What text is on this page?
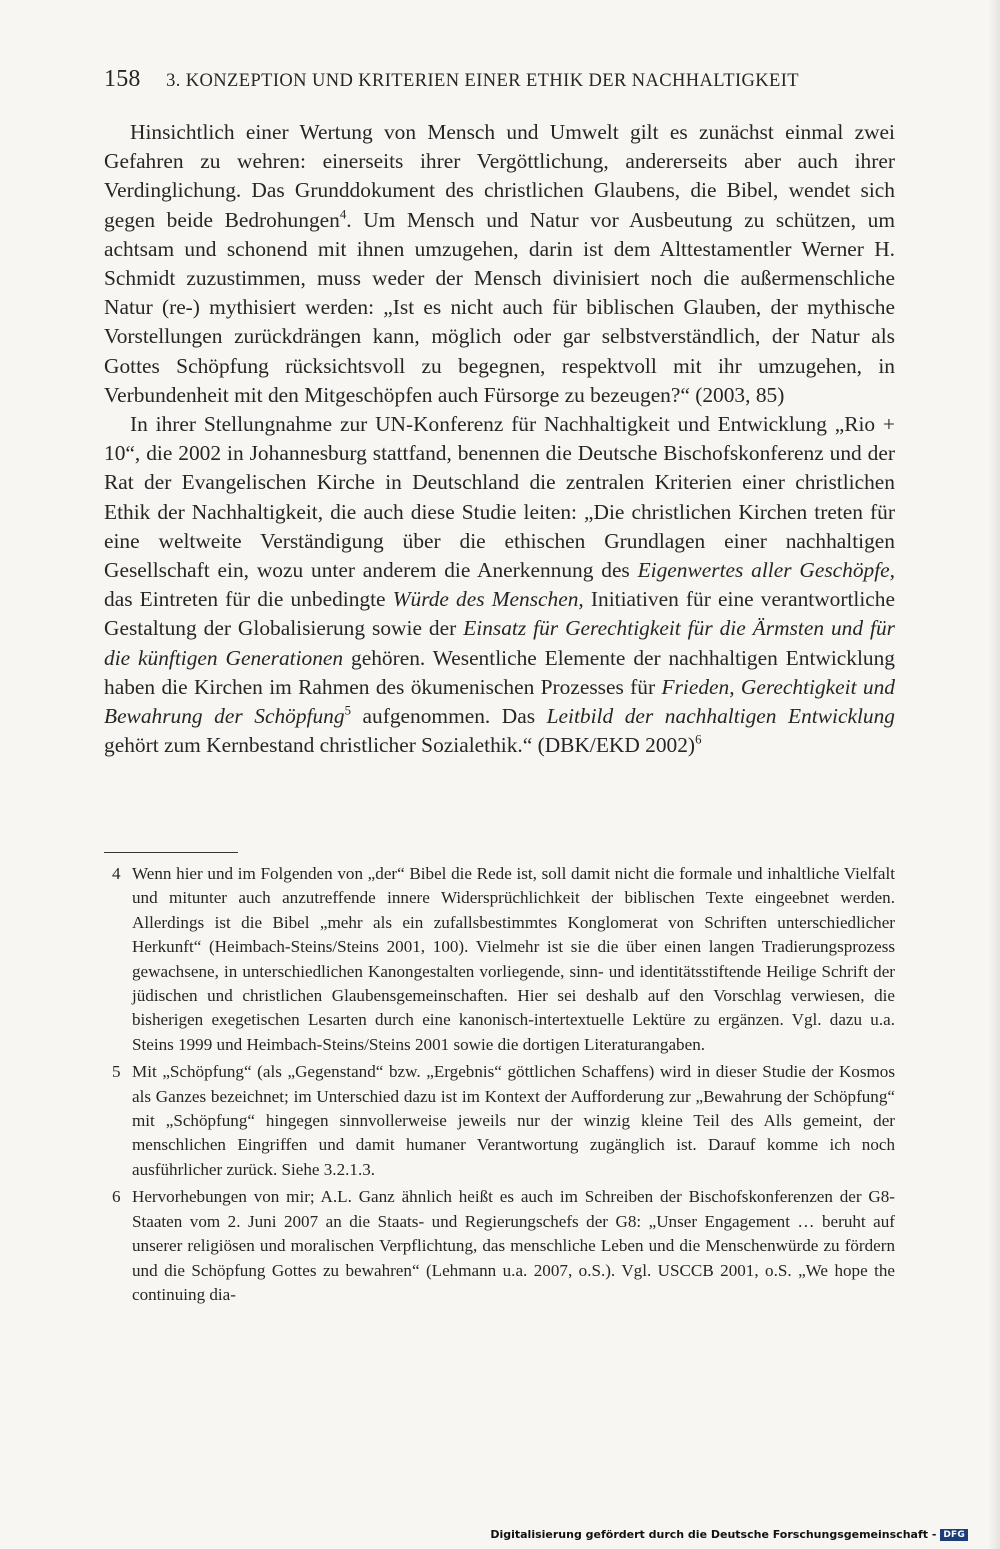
158 3. KONZEPTION UND KRITERIEN EINER ETHIK DER NACHHALTIGKEIT

Hinsichtlich einer Wertung von Mensch und Umwelt gilt es zunächst einmal zwei Gefahren zu wehren: einerseits ihrer Vergöttlichung, andererseits aber auch ihrer Verdinglichung. Das Grunddokument des christlichen Glaubens, die Bibel, wendet sich gegen beide Bedrohungen$^4$. Um Mensch und Natur vor Ausbeutung zu schützen, um achtsam und schonend mit ihnen umzugehen, darin ist dem Alttestamentler Werner H. Schmidt zuzustimmen, muss weder der Mensch divinisiert noch die außermenschliche Natur (re-) mythisiert werden: „Ist es nicht auch für biblischen Glauben, der mythische Vorstellungen zurückdrängen kann, möglich oder gar selbstverständlich, der Natur als Gottes Schöpfung rücksichtsvoll zu begegnen, respektvoll mit ihr umzugehen, in Verbundenheit mit den Mitgeschöpfen auch Fürsorge zu bezeugen?“ (2003, 85)

In ihrer Stellungnahme zur UN-Konferenz für Nachhaltigkeit und Entwicklung „Rio + 10“, die 2002 in Johannesburg stattfand, benennen die Deutsche Bischofskonferenz und der Rat der Evangelischen Kirche in Deutschland die zentralen Kriterien einer christlichen Ethik der Nachhaltigkeit, die auch diese Studie leiten: „Die christlichen Kirchen treten für eine weltweite Verständigung über die ethischen Grundlagen einer nachhaltigen Gesellschaft ein, wozu unter anderem die Anerkennung des Eigenwertes aller Geschöpfe, das Eintreten für die unbedingte Würde des Menschen, Initiativen für eine verantwortliche Gestaltung der Globalisierung sowie der Einsatz für Gerechtigkeit für die Ärmsten und für die künftigen Generationen gehören. Wesentliche Elemente der nachhaltigen Entwicklung haben die Kirchen im Rahmen des ökumenischen Prozesses für Frieden, Gerechtigkeit und Bewahrung der Schöpfung$^5$ aufgenommen. Das Leitbild der nachhaltigen Entwicklung gehört zum Kernbestand christlicher Sozialethik.“ (DBK/EKD 2002)$^6$

4 Wenn hier und im Folgenden von „der“ Bibel die Rede ist, soll damit nicht die formale und inhaltliche Vielfalt und mitunter auch anzutreffende innere Widersprüchlichkeit der biblischen Texte eingeebnet werden. Allerdings ist die Bibel „mehr als ein zufallsbestimmtes Konglomerat von Schriften unterschiedlicher Herkunft“ (Heimbach-Steins/Steins 2001, 100). Vielmehr ist sie die über einen langen Tradierungsprozess gewachsene, in unterschiedlichen Kanongestalten vorliegende, sinn- und identitätsstiftende Heilige Schrift der jüdischen und christlichen Glaubensgemeinschaften. Hier sei deshalb auf den Vorschlag verwiesen, die bisherigen exegetischen Lesarten durch eine kanonisch-intertextuelle Lektüre zu ergänzen. Vgl. dazu u.a. Steins 1999 und Heimbach-Steins/Steins 2001 sowie die dortigen Literaturangaben.
5 Mit „Schöpfung“ (als „Gegenstand“ bzw. „Ergebnis“ göttlichen Schaffens) wird in dieser Studie der Kosmos als Ganzes bezeichnet; im Unterschied dazu ist im Kontext der Aufforderung zur „Bewahrung der Schöpfung“ mit „Schöpfung“ hingegen sinnvollerweise jeweils nur der winzig kleine Teil des Alls gemeint, der menschlichen Eingriffen und damit humaner Verantwortung zugänglich ist. Darauf komme ich noch ausführlicher zurück. Siehe 3.2.1.3.
6 Hervorhebungen von mir; A.L. Ganz ähnlich heißt es auch im Schreiben der Bischofskonferenzen der G8-Staaten vom 2. Juni 2007 an die Staats- und Regierungschefs der G8: „Unser Engagement … beruht auf unserer religiösen und moralischen Verpflichtung, das menschliche Leben und die Menschenwürde zu fördern und die Schöpfung Gottes zu bewahren“ (Lehmann u.a. 2007, o.S.). Vgl. USCCB 2001, o.S. „We hope the continuing dia-
Digitalisierung gefördert durch die Deutsche Forschungsgemeinschaft - DFG
